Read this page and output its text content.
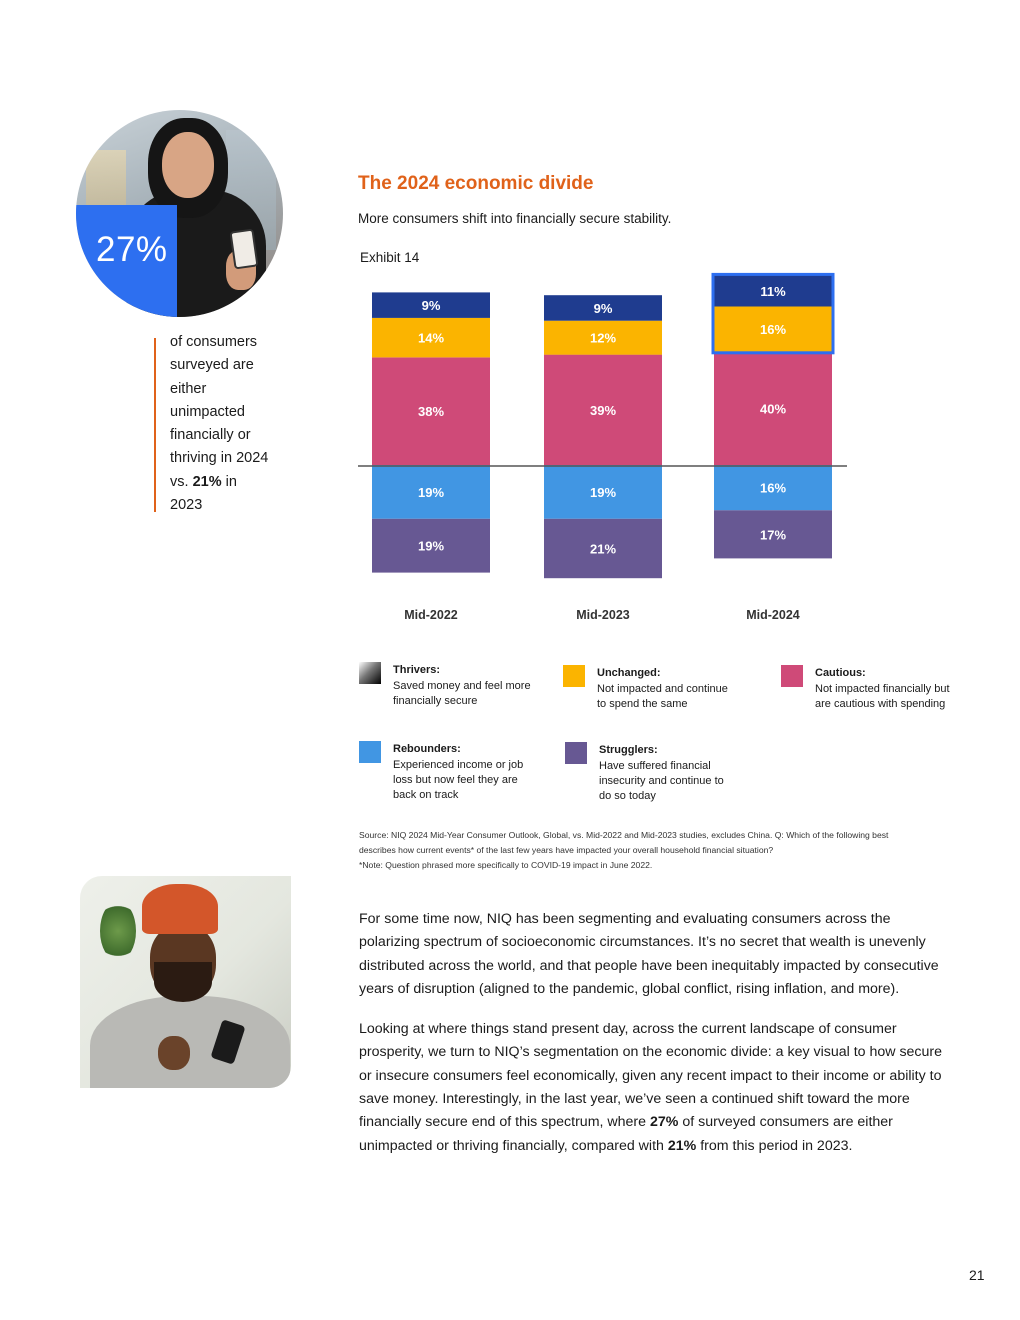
27%
of consumers surveyed are either unimpacted financially or thriving in 2024 vs. 21% in 2023
The 2024 economic divide
More consumers shift into financially secure stability.
Exhibit 14
38%
14%
9%
19%
19%
Mid-2022
39%
12%
9%
19%
21%
Mid-2023
40%
16%
11%
16%
17%
Mid-2024
Thrivers:
Saved money and feel more financially secure
Unchanged:
Not impacted and continue to spend the same
Cautious:
Not impacted financially but are cautious with spending
Rebounders:
Experienced income or job loss but now feel they are back on track
Strugglers:
Have suffered financial insecurity and continue to do so today
Source: NIQ 2024 Mid-Year Consumer Outlook, Global, vs. Mid-2022 and Mid-2023 studies, excludes China. Q: Which of the following best describes how current events* of the last few years have impacted your overall household financial situation?
*Note: Question phrased more specifically to COVID-19 impact in June 2022.

For some time now, NIQ has been segmenting and evaluating consumers across the polarizing spectrum of socioeconomic circumstances. It’s no secret that wealth is unevenly distributed across the world, and that people have been inequitably impacted by consecutive years of disruption (aligned to the pandemic, global conflict, rising inflation, and more).

Looking at where things stand present day, across the current landscape of consumer prosperity, we turn to NIQ’s segmentation on the economic divide: a key visual to how secure or insecure consumers feel economically, given any recent impact to their income or ability to save money. Interestingly, in the last year, we’ve seen a continued shift toward the more financially secure end of this spectrum, where 27% of surveyed consumers are either unimpacted or thriving financially, compared with 21% from this period in 2023.

21
